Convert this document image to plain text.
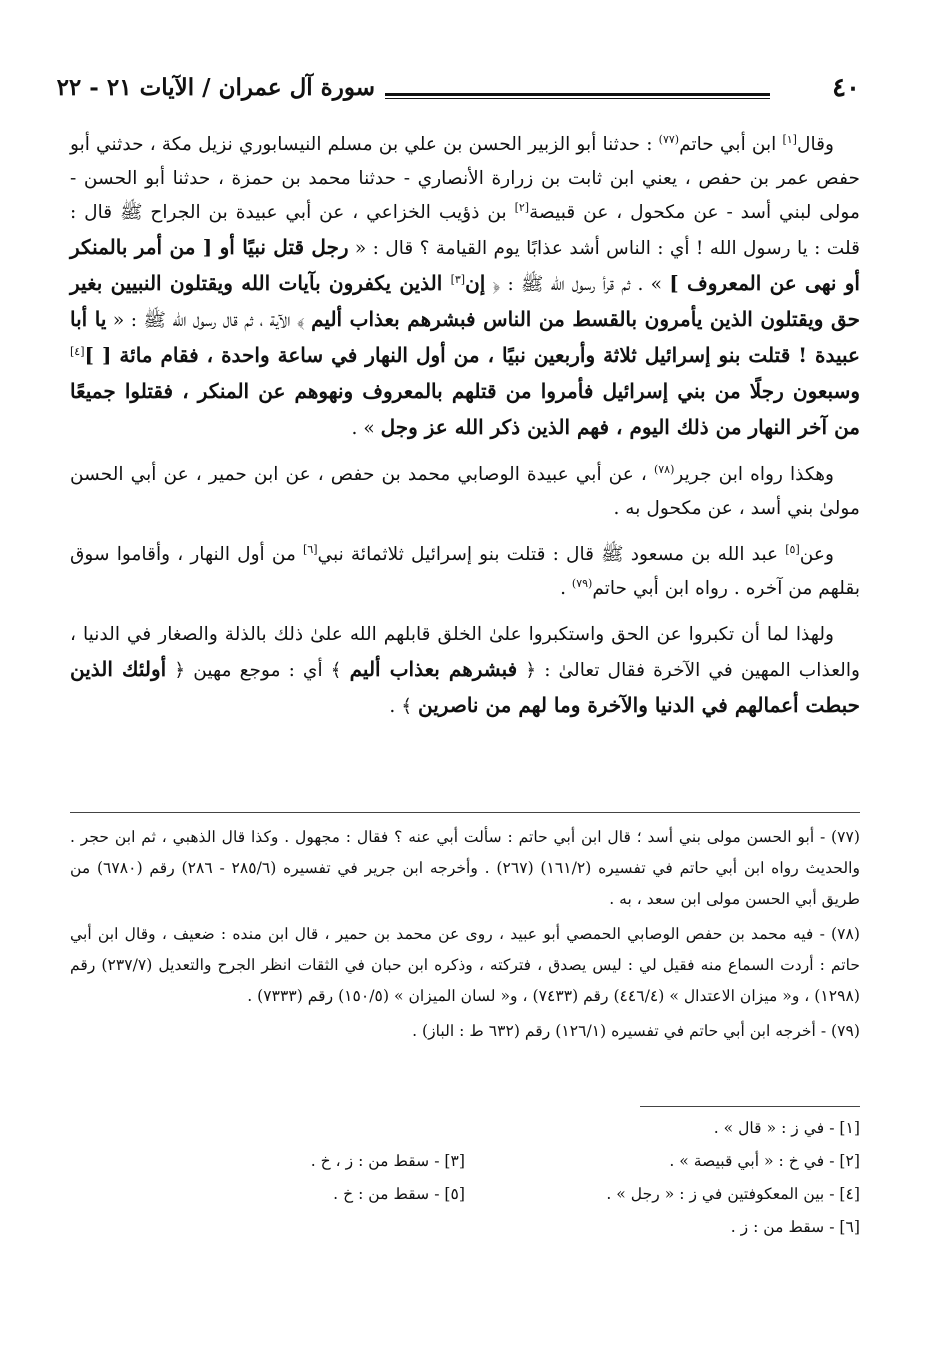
٤٠
سورة آل عمران / الآيات ٢١ - ٢٢

وقال[١] ابن أبي حاتم$^{(٧٧)}$ : حدثنا أبو الزبير الحسن بن علي بن مسلم النيسابوري نزيل مكة ، حدثني أبو حفص عمر بن حفص ، يعني ابن ثابت بن زرارة الأنصاري - حدثنا محمد بن حمزة ، حدثنا أبو الحسن - مولى لبني أسد - عن مكحول ، عن قبيصة[٢] بن ذؤيب الخزاعي ، عن أبي عبيدة بن الجراح ﷺ قال : قلت : يا رسول الله ! أي : الناس أشد عذابًا يوم القيامة ؟ قال : « رجل قتل نبيًا أو [ من أمر بالمنكر أو نهى عن المعروف ] » . ثم قرأ رسول الله ﷺ : ﴿ إن[٣] الذين يكفرون بآيات الله ويقتلون النبيين بغير حق ويقتلون الذين يأمرون بالقسط من الناس فبشرهم بعذاب أليم ﴾ الآية ، ثم قال رسول الله ﷺ : « يا أبا عبيدة ! قتلت بنو إسرائيل ثلاثة وأربعين نبيًا ، من أول النهار في ساعة واحدة ، فقام مائة [ ][٤] وسبعون رجلًا من بني إسرائيل فأمروا من قتلهم بالمعروف ونهوهم عن المنكر ، فقتلوا جميعًا من آخر النهار من ذلك اليوم ، فهم الذين ذكر الله عز وجل » .

وهكذا رواه ابن جرير$^{(٧٨)}$ ، عن أبي عبيدة الوصابي محمد بن حفص ، عن ابن حمير ، عن أبي الحسن مولىٰ بني أسد ، عن مكحول به .

وعن[٥] عبد الله بن مسعود ﷺ قال : قتلت بنو إسرائيل ثلاثمائة نبي[٦] من أول النهار ، وأقاموا سوق بقلهم من آخره . رواه ابن أبي حاتم$^{(٧٩)}$ .

ولهذا لما أن تكبروا عن الحق واستكبروا علىٰ الخلق قابلهم الله علىٰ ذلك بالذلة والصغار في الدنيا ، والعذاب المهين في الآخرة فقال تعالىٰ : ﴿ فبشرهم بعذاب أليم ﴾ أي : موجع مهين ﴿ أولئك الذين حبطت أعمالهم في الدنيا والآخرة وما لهم من ناصرين ﴾ .

(٧٧) - أبو الحسن مولى بني أسد ؛ قال ابن أبي حاتم : سألت أبي عنه ؟ فقال : مجهول . وكذا قال الذهبي ، ثم ابن حجر . والحديث رواه ابن أبي حاتم في تفسيره (١٦١/٢) (٢٦٧) . وأخرجه ابن جرير في تفسيره (٢٨٥/٦ - ٢٨٦) رقم (٦٧٨٠) من طريق أبي الحسن مولى ابن سعد ، به .

(٧٨) - فيه محمد بن حفص الوصابي الحمصي أبو عبيد ، روى عن محمد بن حمير ، قال ابن منده : ضعيف ، وقال ابن أبي حاتم : أردت السماع منه فقيل لي : ليس يصدق ، فتركته ، وذكره ابن حبان في الثقات انظر الجرح والتعديل (٢٣٧/٧) رقم (١٢٩٨) ، و« ميزان الاعتدال » (٤٤٦/٤) رقم (٧٤٣٣) ، و« لسان الميزان » (١٥٠/٥) رقم (٧٣٣٣) .

(٧٩) - أخرجه ابن أبي حاتم في تفسيره (١٢٦/١) رقم (٦٣٢ ط : الباز) .

[١] - في ز : « قال » .
[٢] - في خ : « أبي قبيصة » .
[٣] - سقط من : ز ، خ .
[٤] - بين المعكوفتين في ز : « رجل » .
[٥] - سقط من : خ .
[٦] - سقط من : ز .
